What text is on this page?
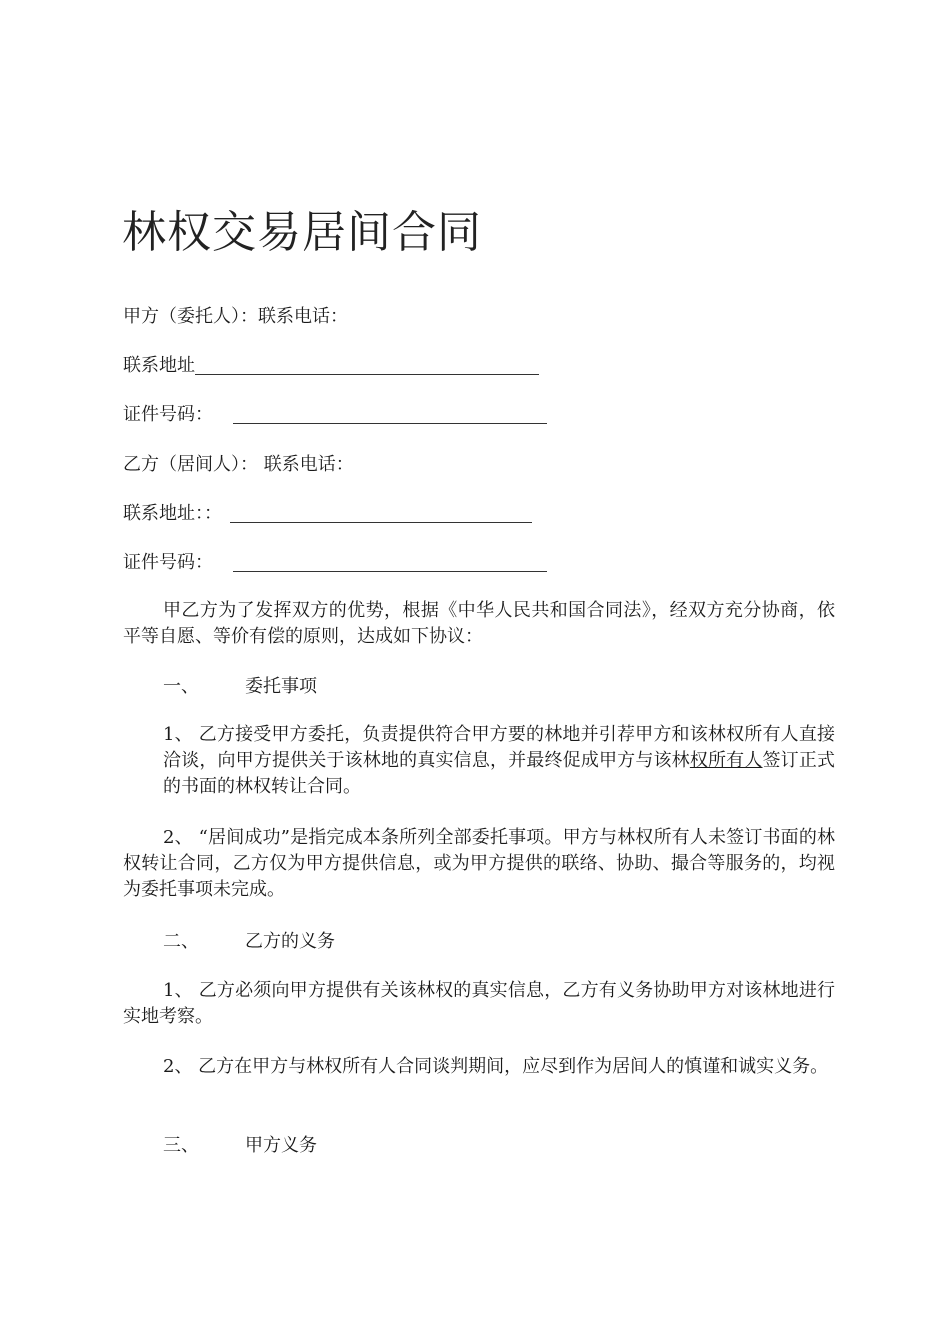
林权交易居间合同
甲方（委托人）：联系电话：
联系地址
证件号码：
乙方（居间人）： 联系电话：
联系地址：：
证件号码：

甲乙方为了发挥双方的优势，根据《中华人民共和国合同法》，经双方充分协商，依平等自愿、等价有偿的原则，达成如下协议：

一、	委托事项

1、 乙方接受甲方委托，负责提供符合甲方要的林地并引荐甲方和该林权所有人直接洽谈，向甲方提供关于该林地的真实信息，并最终促成甲方与该林权所有人签订正式的书面的林权转让合同。

2、 “居间成功”是指完成本条所列全部委托事项。甲方与林权所有人未签订书面的林权转让合同，乙方仅为甲方提供信息，或为甲方提供的联络、协助、撮合等服务的，均视为委托事项未完成。

二、	乙方的义务

1、 乙方必须向甲方提供有关该林权的真实信息，乙方有义务协助甲方对该林地进行实地考察。

2、 乙方在甲方与林权所有人合同谈判期间，应尽到作为居间人的慎谨和诚实义务。

三、	甲方义务
